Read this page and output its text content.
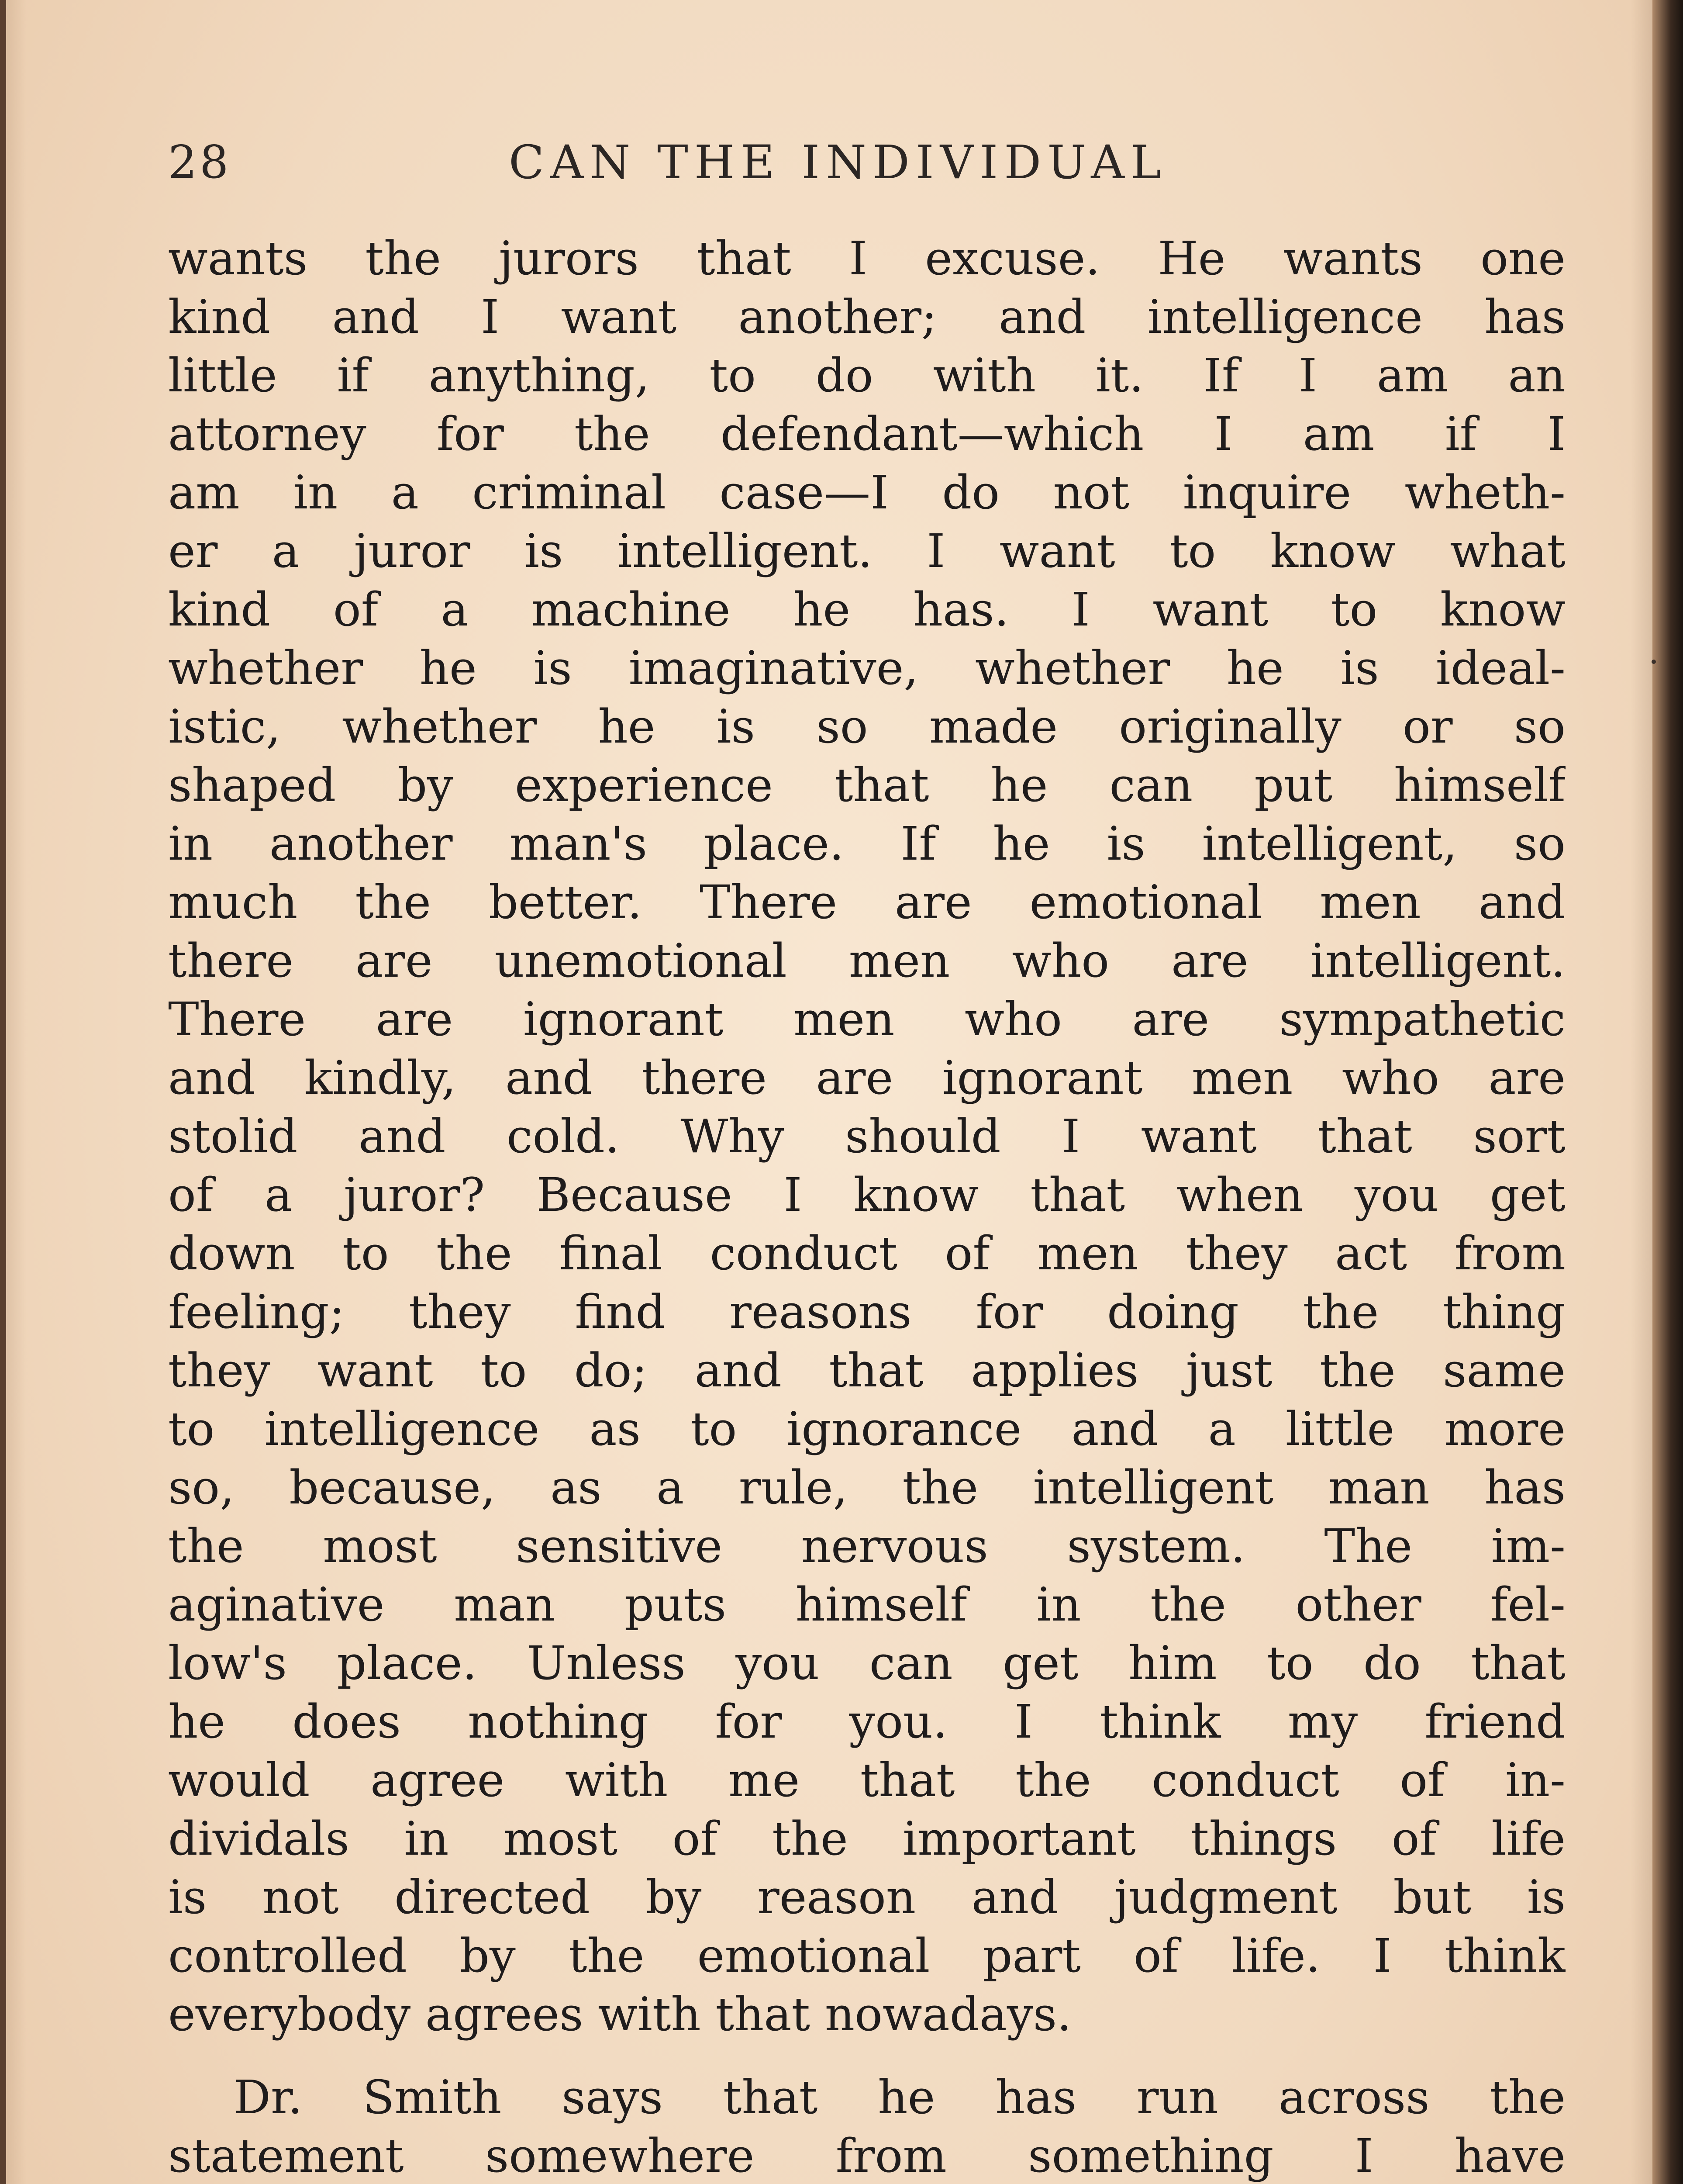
28	CAN THE INDIVIDUAL
wants the jurors that I excuse. He wants one
kind and I want another; and intelligence has
little if anything, to do with it. If I am an
attorney for the defendant—which I am if I
am in a criminal case—I do not inquire wheth-
er a juror is intelligent. I want to know what
kind of a machine he has. I want to know
whether he is imaginative, whether he is ideal-
istic, whether he is so made originally or so
shaped by experience that he can put himself
in another man's place. If he is intelligent, so
much the better. There are emotional men and
there are unemotional men who are intelligent.
There are ignorant men who are sympathetic
and kindly, and there are ignorant men who are
stolid and cold. Why should I want that sort
of a juror? Because I know that when you get
down to the final conduct of men they act from
feeling; they find reasons for doing the thing
they want to do; and that applies just the same
to intelligence as to ignorance and a little more
so, because, as a rule, the intelligent man has
the most sensitive nervous system. The im-
aginative man puts himself in the other fel-
low's place. Unless you can get him to do that
he does nothing for you. I think my friend
would agree with me that the conduct of in-
dividals in most of the important things of life
is not directed by reason and judgment but is
controlled by the emotional part of life. I think
everybody agrees with that nowadays.
Dr. Smith says that he has run across the
statement somewhere from something I have
